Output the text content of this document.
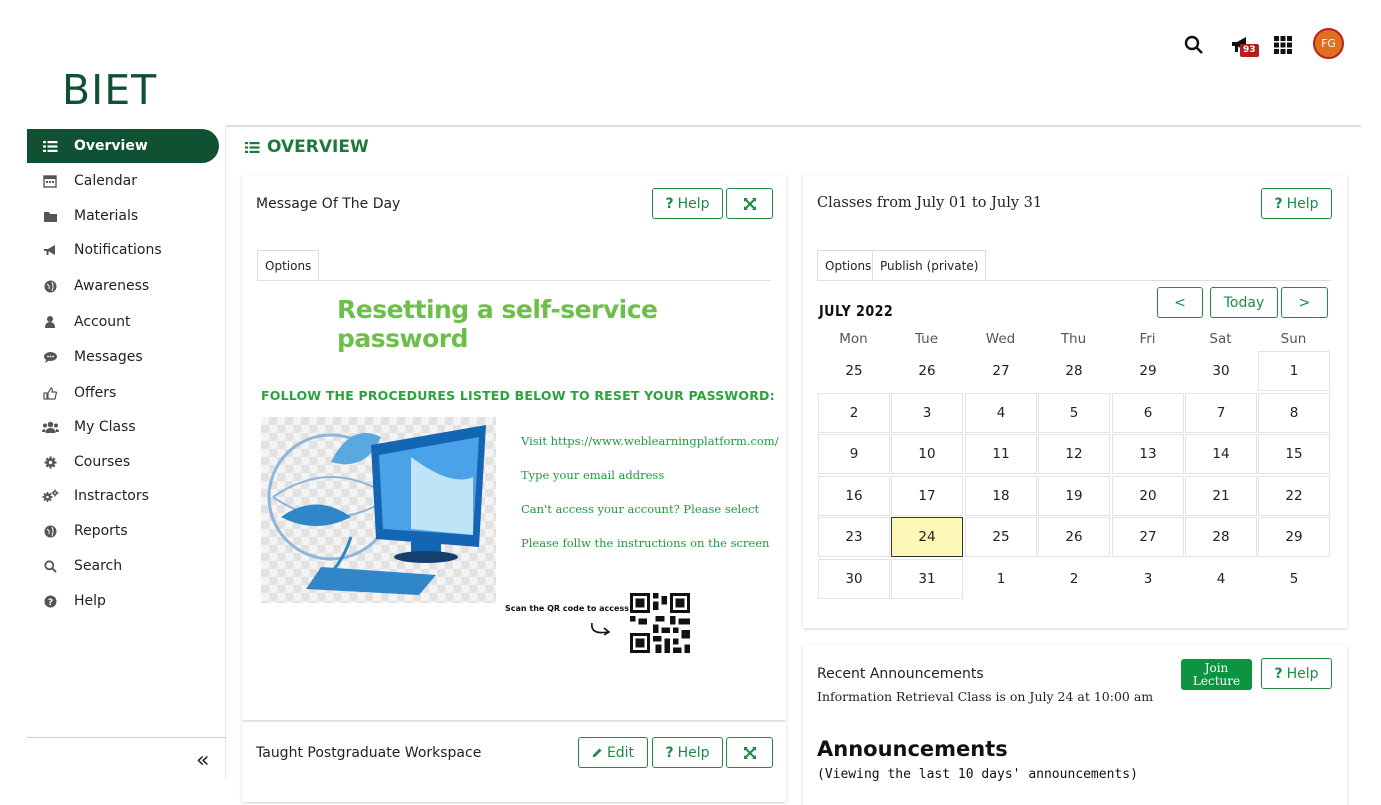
BIET
93	FG
Overview
Calendar
Materials
Notifications
Awareness
Account
Messages
Offers
My Class
Courses
Instractors
Reports
Search
? Help
«
OVERVIEW
Message Of The Day	? Help
Options
Resetting a self-service password
FOLLOW THE PROCEDURES LISTED BELOW TO RESET YOUR PASSWORD:
Visit https://www.weblearningplatform.com/
Type your email address
Can't access your account? Please select
Please follw the instructions on the screen
Scan the QR code to access
Taught Postgraduate Workspace	Edit ? Help
Classes from July 01 to July 31	? Help
Options Publish (private)
JULY 2022	<	Today	>
Mon	Tue	Wed	Thu	Fri	Sat	Sun
25	26	27	28	29	30	1
2	3	4	5	6	7	8
9	10	11	12	13	14	15
16	17	18	19	20	21	22
23	24	25	26	27	28	29
30	31	1	2	3	4	5
Recent Announcements
Information Retrieval Class is on July 24 at 10:00 am
Join Lecture	? Help
Announcements
(Viewing the last 10 days' announcements)
